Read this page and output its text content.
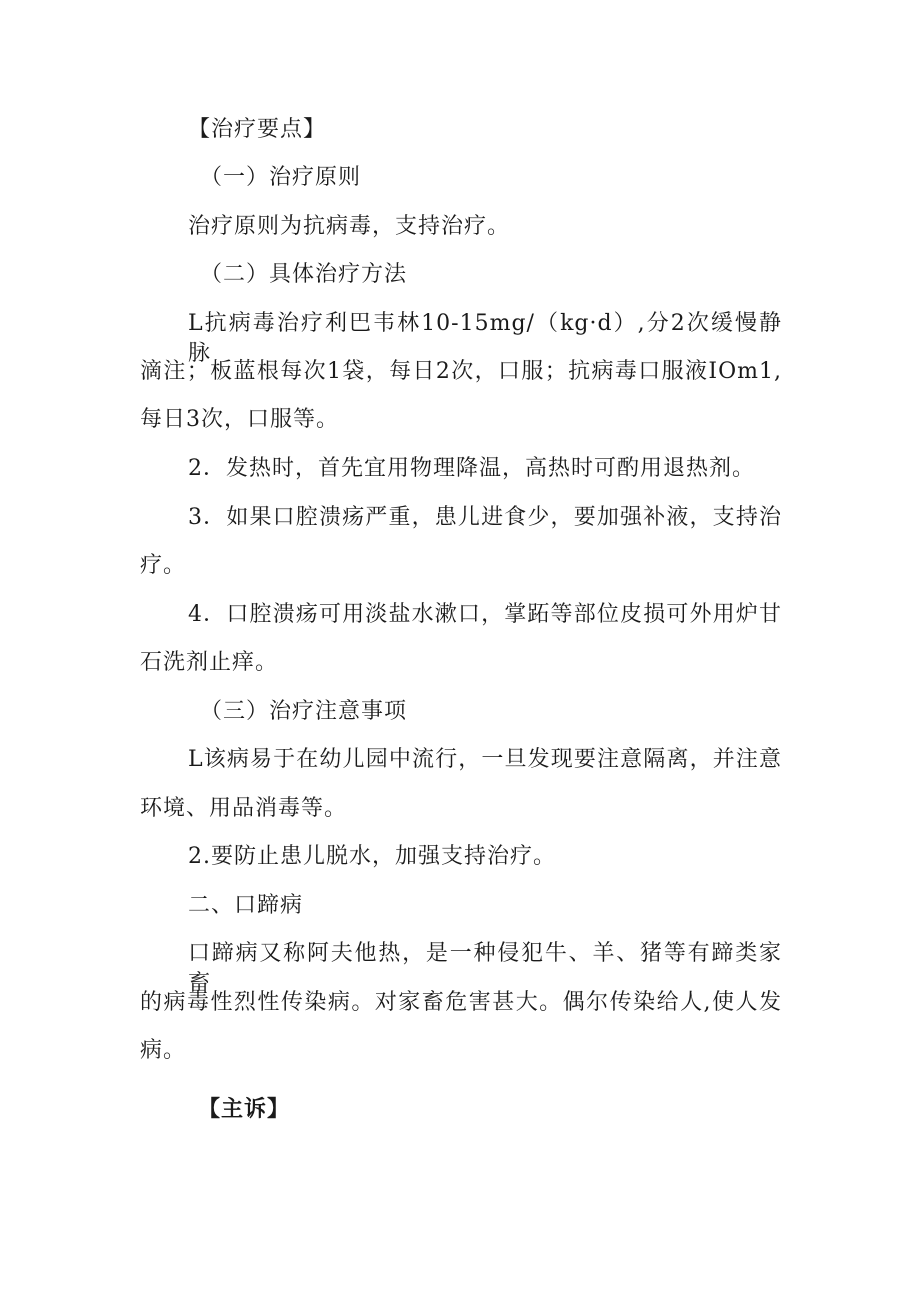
【治疗要点】
（一）治疗原则
治疗原则为抗病毒，支持治疗。
（二）具体治疗方法
L抗病毒治疗利巴韦林10-15mg/（kg·d）,分2次缓慢静脉
滴注；板蓝根每次1袋，每日2次，口服；抗病毒口服液IOm1,
每日3次，口服等。
2．发热时，首先宜用物理降温，高热时可酌用退热剂。
3．如果口腔溃疡严重，患儿进食少，要加强补液，支持治
疗。
4．口腔溃疡可用淡盐水漱口，掌跖等部位皮损可外用炉甘
石洗剂止痒。
（三）治疗注意事项
L该病易于在幼儿园中流行，一旦发现要注意隔离，并注意
环境、用品消毒等。
2.要防止患儿脱水，加强支持治疗。
二、口蹄病
口蹄病又称阿夫他热，是一种侵犯牛、羊、猪等有蹄类家畜
的病毒性烈性传染病。对家畜危害甚大。偶尔传染给人,使人发
病。
【主诉】
